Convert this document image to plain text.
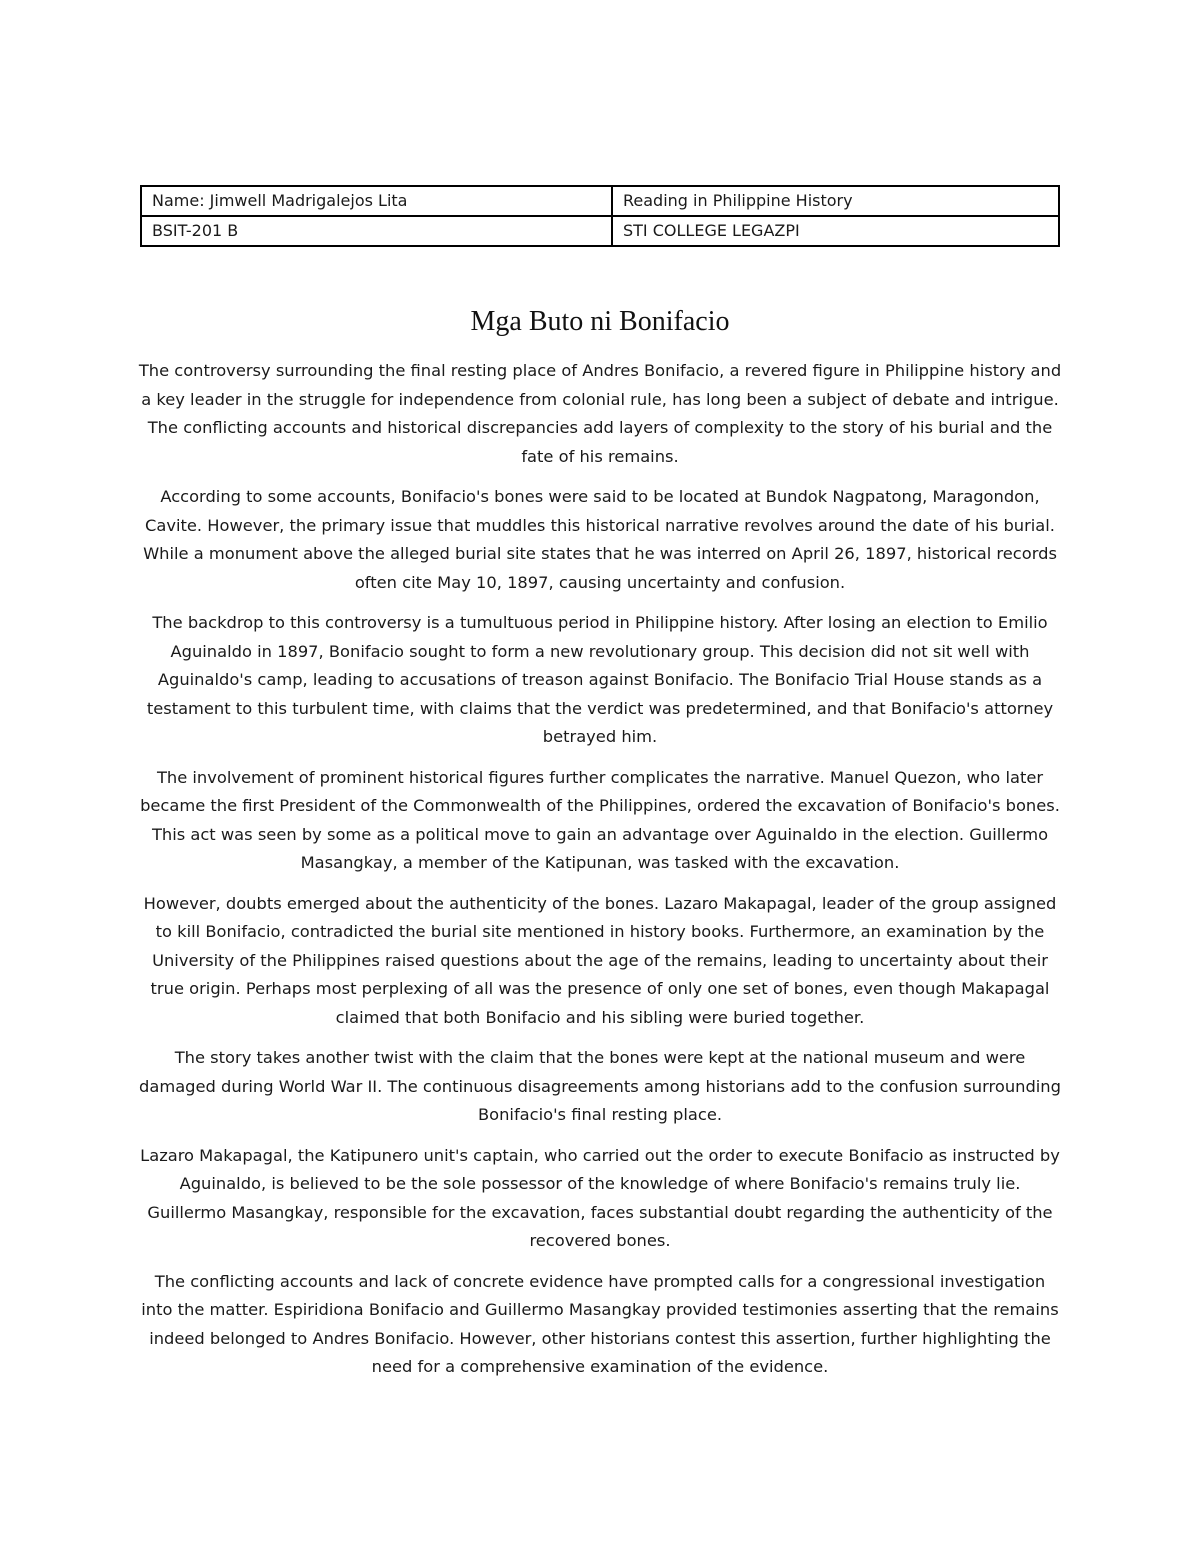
Name: Jimwell Madrigalejos Lita	Reading in Philippine History
BSIT-201 B	STI COLLEGE LEGAZPI
Mga Buto ni Bonifacio

The controversy surrounding the final resting place of Andres Bonifacio, a revered figure in Philippine history and a key leader in the struggle for independence from colonial rule, has long been a subject of debate and intrigue. The conflicting accounts and historical discrepancies add layers of complexity to the story of his burial and the fate of his remains.

According to some accounts, Bonifacio's bones were said to be located at Bundok Nagpatong, Maragondon, Cavite. However, the primary issue that muddles this historical narrative revolves around the date of his burial. While a monument above the alleged burial site states that he was interred on April 26, 1897, historical records often cite May 10, 1897, causing uncertainty and confusion.

The backdrop to this controversy is a tumultuous period in Philippine history. After losing an election to Emilio Aguinaldo in 1897, Bonifacio sought to form a new revolutionary group. This decision did not sit well with Aguinaldo's camp, leading to accusations of treason against Bonifacio. The Bonifacio Trial House stands as a testament to this turbulent time, with claims that the verdict was predetermined, and that Bonifacio's attorney betrayed him.

The involvement of prominent historical figures further complicates the narrative. Manuel Quezon, who later became the first President of the Commonwealth of the Philippines, ordered the excavation of Bonifacio's bones. This act was seen by some as a political move to gain an advantage over Aguinaldo in the election. Guillermo Masangkay, a member of the Katipunan, was tasked with the excavation.

However, doubts emerged about the authenticity of the bones. Lazaro Makapagal, leader of the group assigned to kill Bonifacio, contradicted the burial site mentioned in history books. Furthermore, an examination by the University of the Philippines raised questions about the age of the remains, leading to uncertainty about their true origin. Perhaps most perplexing of all was the presence of only one set of bones, even though Makapagal claimed that both Bonifacio and his sibling were buried together.

The story takes another twist with the claim that the bones were kept at the national museum and were damaged during World War II. The continuous disagreements among historians add to the confusion surrounding Bonifacio's final resting place.

Lazaro Makapagal, the Katipunero unit's captain, who carried out the order to execute Bonifacio as instructed by Aguinaldo, is believed to be the sole possessor of the knowledge of where Bonifacio's remains truly lie. Guillermo Masangkay, responsible for the excavation, faces substantial doubt regarding the authenticity of the recovered bones.

The conflicting accounts and lack of concrete evidence have prompted calls for a congressional investigation into the matter. Espiridiona Bonifacio and Guillermo Masangkay provided testimonies asserting that the remains indeed belonged to Andres Bonifacio. However, other historians contest this assertion, further highlighting the need for a comprehensive examination of the evidence.
